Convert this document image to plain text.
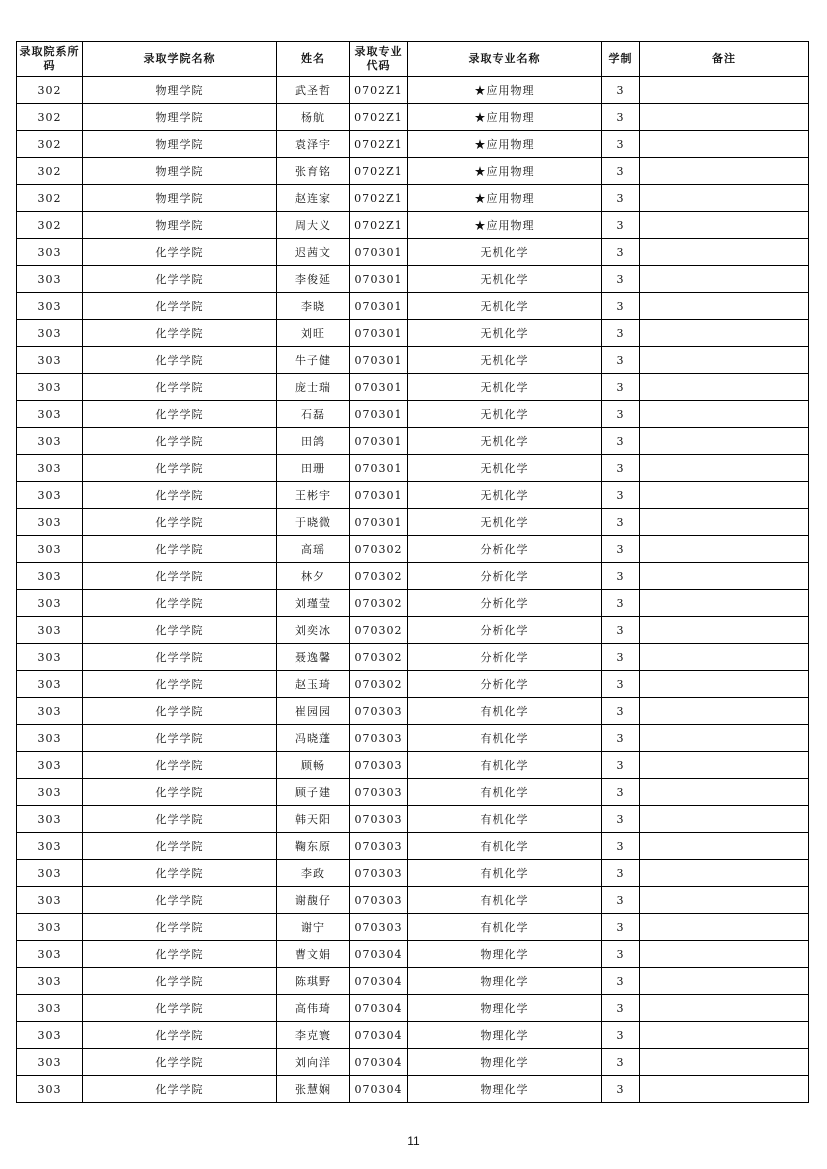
录取院系所码	录取学院名称	姓名	录取专业代码	录取专业名称	学制	备注
302	物理学院	武圣哲	0702Z1	★应用物理	3	
302	物理学院	杨航	0702Z1	★应用物理	3	
302	物理学院	袁泽宇	0702Z1	★应用物理	3	
302	物理学院	张育铭	0702Z1	★应用物理	3	
302	物理学院	赵连家	0702Z1	★应用物理	3	
302	物理学院	周大义	0702Z1	★应用物理	3	
303	化学学院	迟茜文	070301	无机化学	3	
303	化学学院	李俊延	070301	无机化学	3	
303	化学学院	李晓	070301	无机化学	3	
303	化学学院	刘旺	070301	无机化学	3	
303	化学学院	牛子健	070301	无机化学	3	
303	化学学院	庞士瑞	070301	无机化学	3	
303	化学学院	石磊	070301	无机化学	3	
303	化学学院	田鸽	070301	无机化学	3	
303	化学学院	田珊	070301	无机化学	3	
303	化学学院	王彬宇	070301	无机化学	3	
303	化学学院	于晓微	070301	无机化学	3	
303	化学学院	高瑶	070302	分析化学	3	
303	化学学院	林夕	070302	分析化学	3	
303	化学学院	刘瑾莹	070302	分析化学	3	
303	化学学院	刘奕冰	070302	分析化学	3	
303	化学学院	聂逸馨	070302	分析化学	3	
303	化学学院	赵玉琦	070302	分析化学	3	
303	化学学院	崔园园	070303	有机化学	3	
303	化学学院	冯晓蓬	070303	有机化学	3	
303	化学学院	顾畅	070303	有机化学	3	
303	化学学院	顾子建	070303	有机化学	3	
303	化学学院	韩天阳	070303	有机化学	3	
303	化学学院	鞠东原	070303	有机化学	3	
303	化学学院	李政	070303	有机化学	3	
303	化学学院	谢馥仔	070303	有机化学	3	
303	化学学院	谢宁	070303	有机化学	3	
303	化学学院	曹文娟	070304	物理化学	3	
303	化学学院	陈琪野	070304	物理化学	3	
303	化学学院	高伟琦	070304	物理化学	3	
303	化学学院	李克寰	070304	物理化学	3	
303	化学学院	刘向洋	070304	物理化学	3	
303	化学学院	张慧娴	070304	物理化学	3	
11
